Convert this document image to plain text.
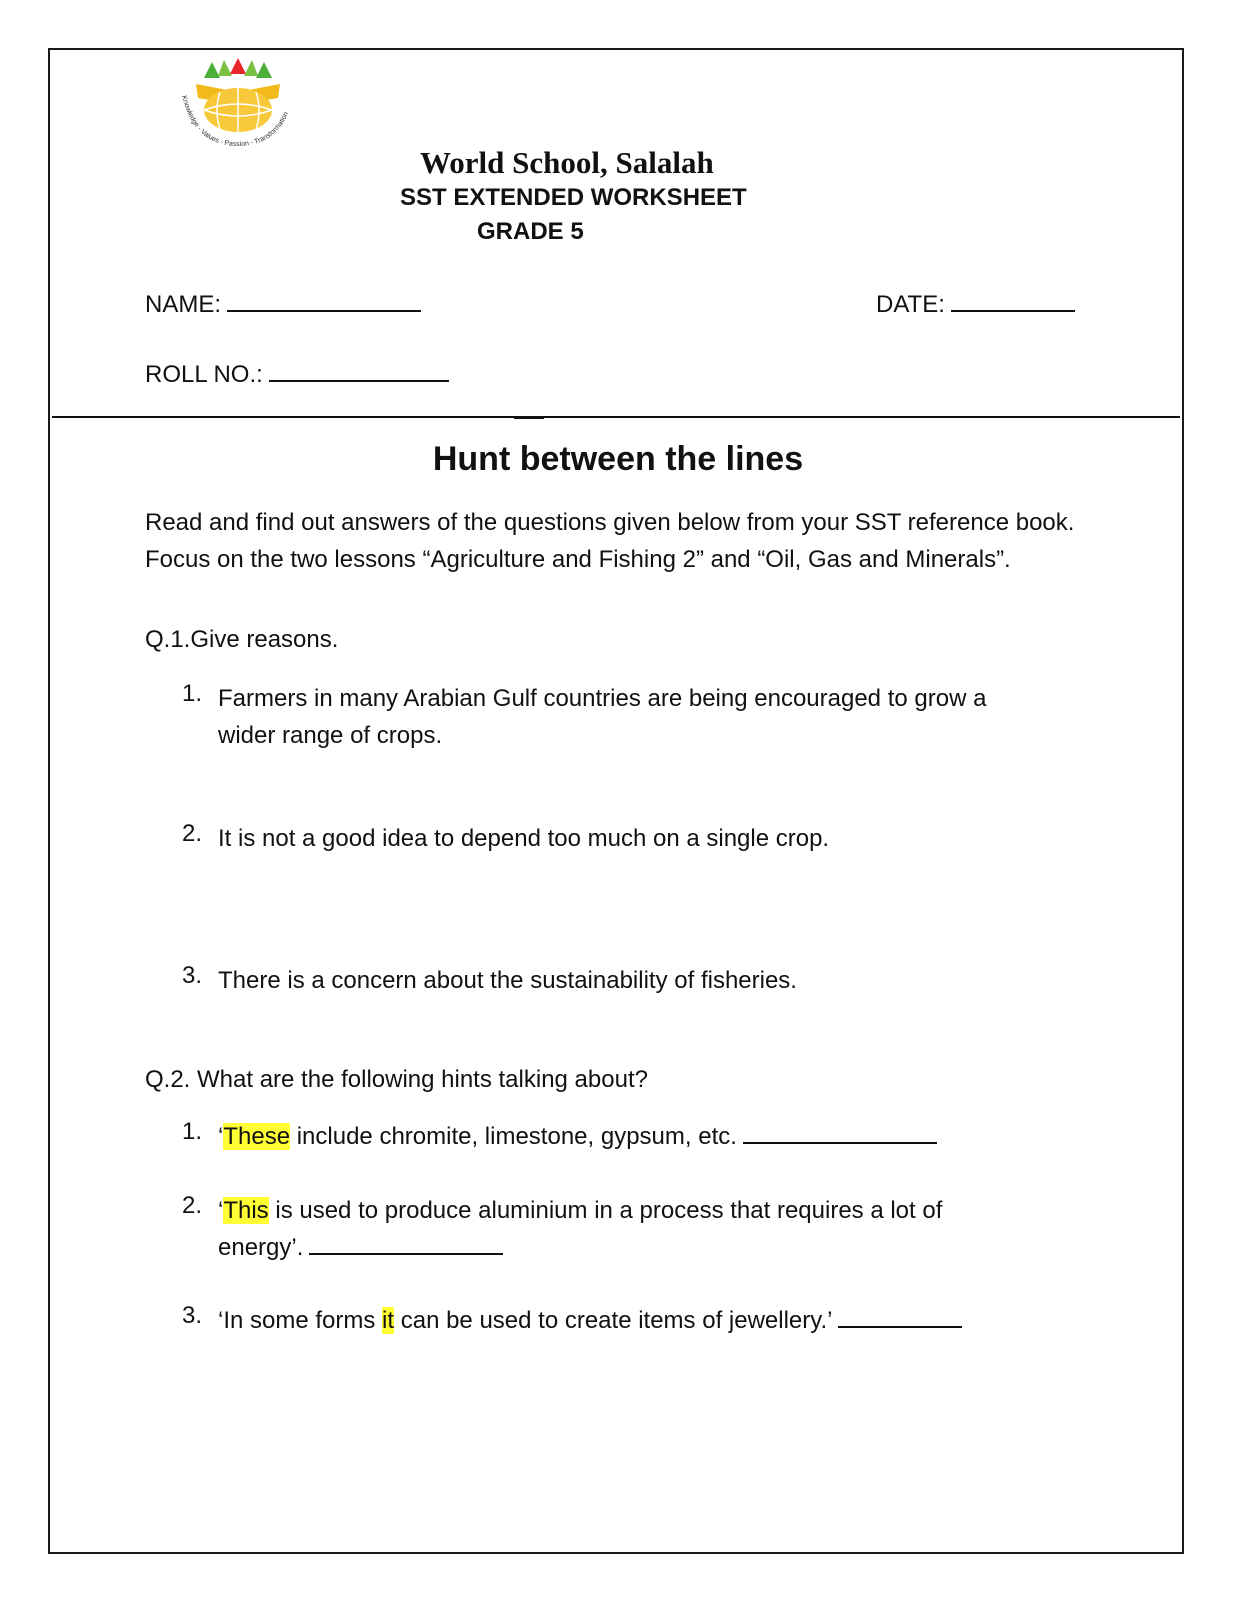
Knowledge - Values - Passion - Transformation
World School, Salalah
SST EXTENDED WORKSHEET
GRADE 5
NAME:	DATE:
ROLL NO.:
Hunt between the lines
Read and find out answers of the questions given below from your SST reference book. Focus on the two lessons “Agriculture and Fishing 2” and “Oil, Gas and Minerals”.
Q.1.Give reasons.
1. Farmers in many Arabian Gulf countries are being encouraged to grow a wider range of crops.
2. It is not a good idea to depend too much on a single crop.
3. There is a concern about the sustainability of fisheries.
Q.2. What are the following hints talking about?
1. ‘These include chromite, limestone, gypsum, etc.
2. ‘This is used to produce aluminium in a process that requires a lot of energy’.
3. ‘In some forms it can be used to create items of jewellery.’
